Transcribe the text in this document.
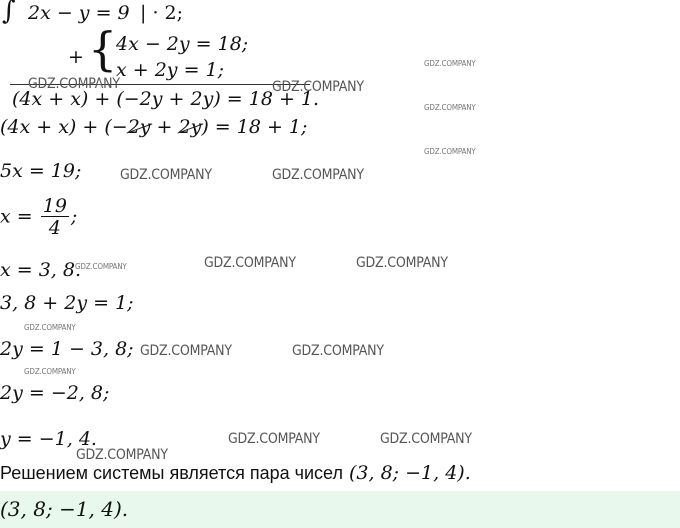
∫ 2x − y = 9 | · 2;
+ {
4x − 2y = 18;
x + 2y = 1;
(4x + x) + (−2y + 2y) = 18 + 1.
(4x + x) + (−2y + 2y) = 18 + 1;
5x = 19;
$x = \frac{19}{4}$ ;
x = 3, 8.
3, 8 + 2y = 1;
2y = 1 − 3, 8;
2y = −2, 8;
y = −1, 4.
Решением системы является пара чисел (3, 8; −1, 4).
(3, 8; −1, 4).
GDZ.COMPANY	GDZ.COMPANY
GDZ.COMPANY
GDZ.COMPANY
GDZ.COMPANY
GDZ.COMPANY	GDZ.COMPANY
GDZ.COMPANY	GDZ.COMPANY	GDZ.COMPANY
GDZ.COMPANY
GDZ.COMPANY	GDZ.COMPANY
GDZ.COMPANY
GDZ.COMPANY	GDZ.COMPANY
GDZ.COMPANY
